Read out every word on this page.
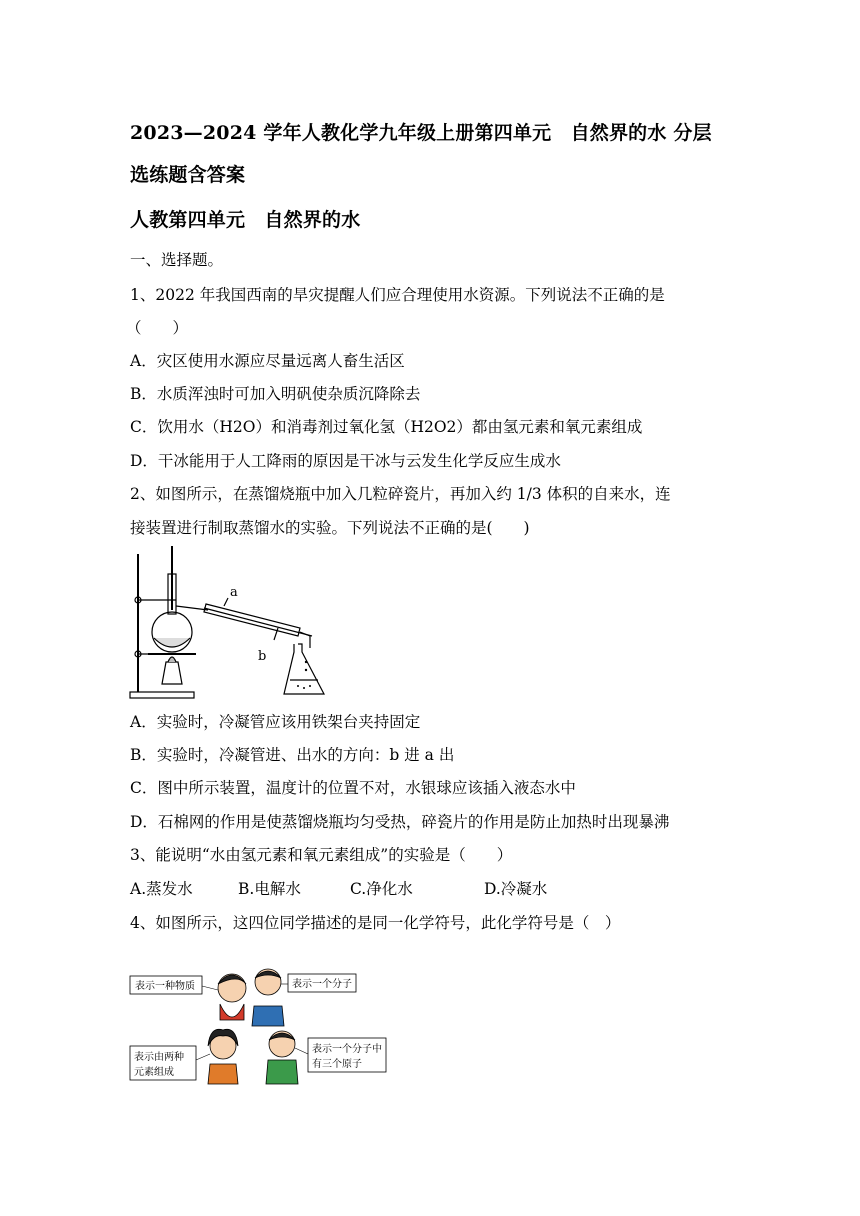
2023—2024 学年人教化学九年级上册第四单元　自然界的水 分层
选练题含答案
人教第四单元　自然界的水
一、选择题。
1、2022 年我国西南的旱灾提醒人们应合理使用水资源。下列说法不正确的是
（　　）
A．灾区使用水源应尽量远离人畜生活区
B．水质浑浊时可加入明矾使杂质沉降除去
C．饮用水（H2O）和消毒剂过氧化氢（H2O2）都由氢元素和氧元素组成
D．干冰能用于人工降雨的原因是干冰与云发生化学反应生成水
2、如图所示，在蒸馏烧瓶中加入几粒碎瓷片，再加入约 1/3 体积的自来水，连
接装置进行制取蒸馏水的实验。下列说法不正确的是(　　)
a
b
A．实验时，冷凝管应该用铁架台夹持固定
B．实验时，冷凝管进、出水的方向：b 进 a 出
C．图中所示装置，温度计的位置不对，水银球应该插入液态水中
D．石棉网的作用是使蒸馏烧瓶均匀受热，碎瓷片的作用是防止加热时出现暴沸
3、能说明“水由氢元素和氧元素组成”的实验是（　　）
A.蒸发水	B.电解水	C.净化水	D.冷凝水
4、如图所示，这四位同学描述的是同一化学符号，此化学符号是（　）
表示一种物质	表示一个分子
表示由两种
元素组成
表示一个分子中
有三个原子
